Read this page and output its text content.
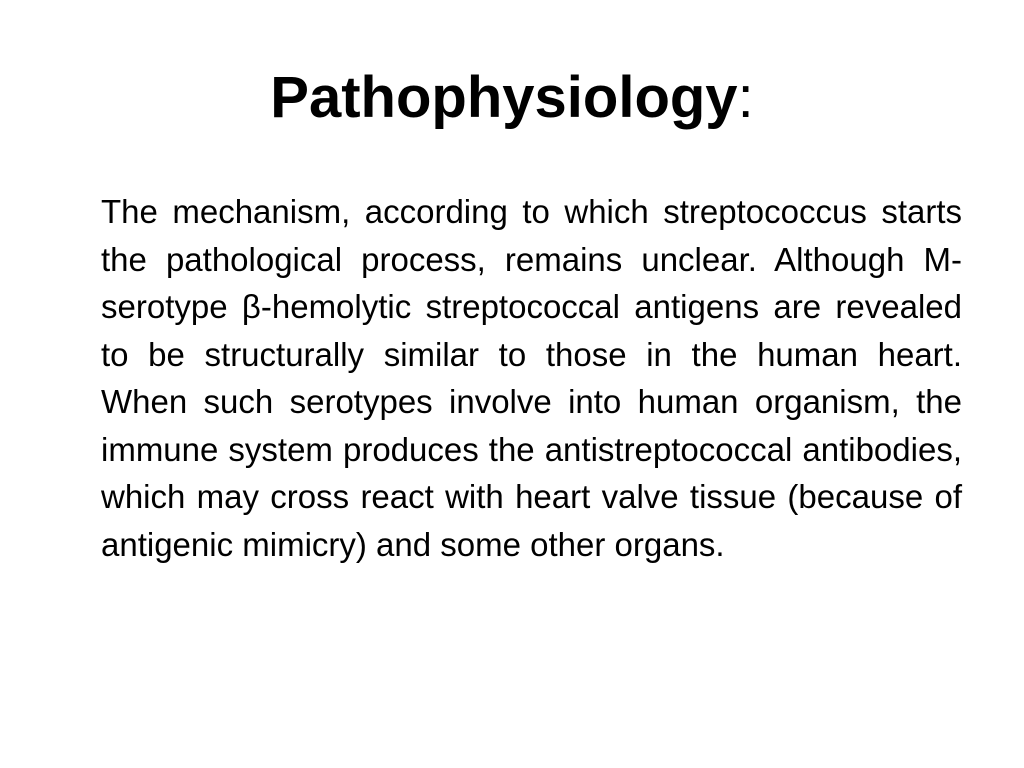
Pathophysiology:

The mechanism, according to which streptococcus starts the pathological process, remains unclear. Although M-serotype β-hemolytic streptococcal antigens are revealed to be structurally similar to those in the human heart. When such serotypes involve into human organism, the immune system produces the antistreptococcal antibodies, which may cross react with heart valve tissue (because of antigenic mimicry) and some other organs.
